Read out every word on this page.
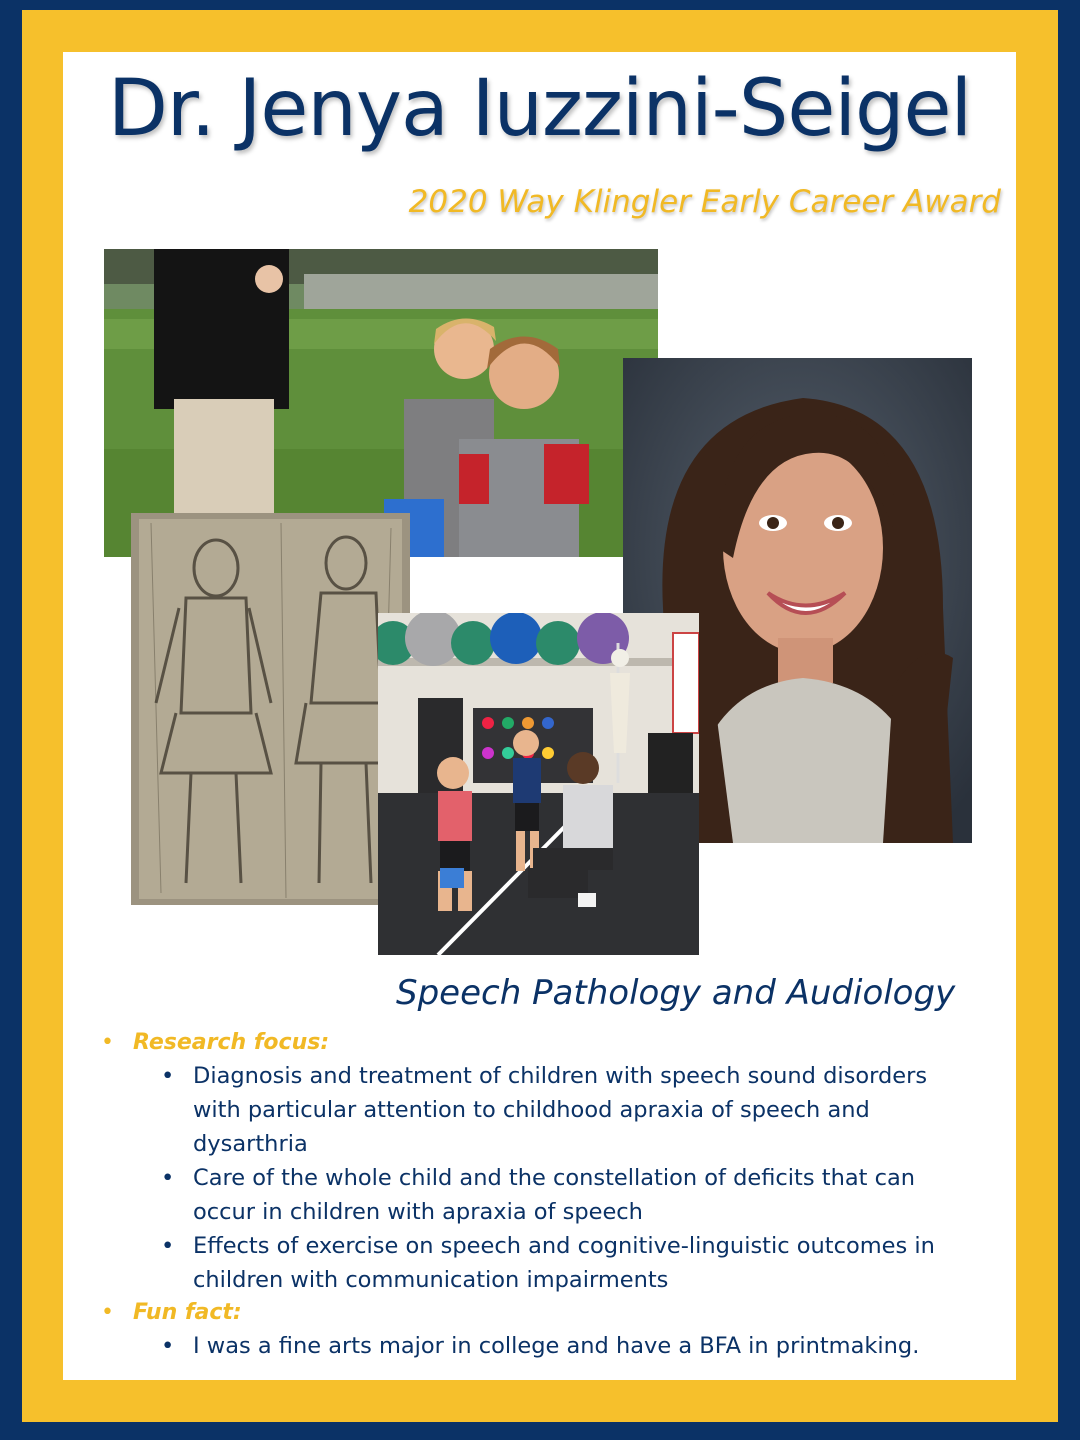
Dr. Jenya Iuzzini-Seigel
2020 Way Klingler Early Career Award
Speech Pathology and Audiology
• Research focus:
• Diagnosis and treatment of children with speech sound disorders with particular attention to childhood apraxia of speech and dysarthria
• Care of the whole child and the constellation of deficits that can occur in children with apraxia of speech
• Effects of exercise on speech and cognitive-linguistic outcomes in children with communication impairments
• Fun fact:
• I was a fine arts major in college and have a BFA in printmaking.
